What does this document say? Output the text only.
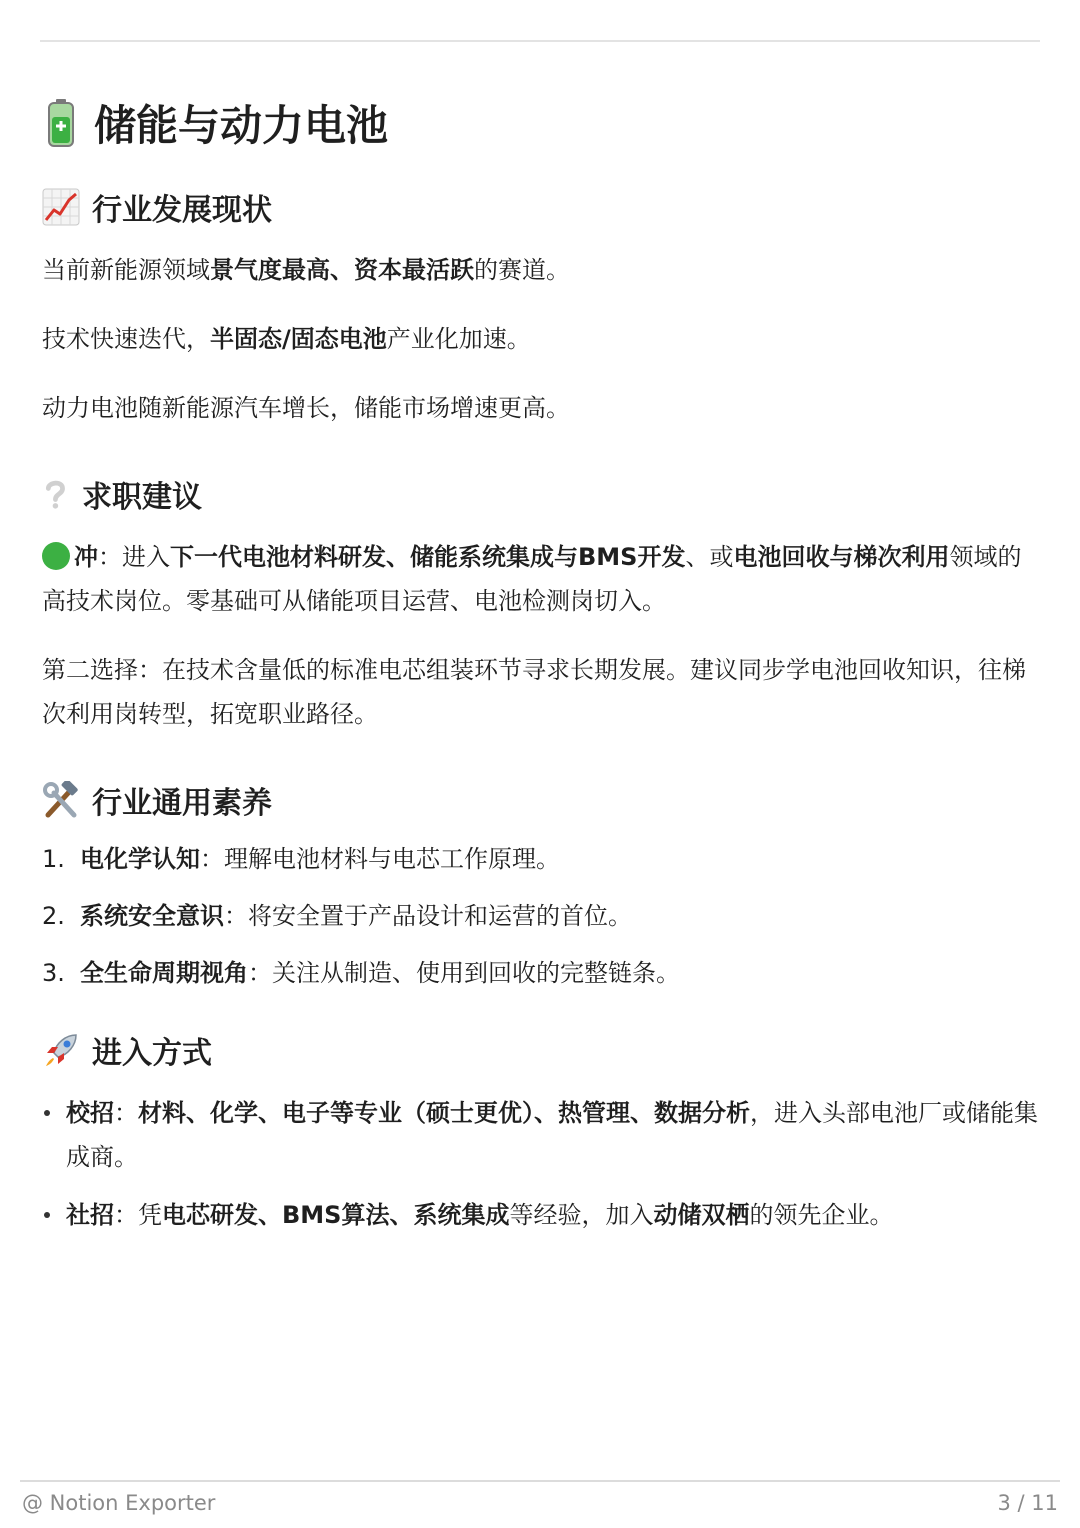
储能与动力电池
行业发展现状

当前新能源领域景气度最高、资本最活跃的赛道。

技术快速迭代，半固态/固态电池产业化加速。

动力电池随新能源汽车增长，储能市场增速更高。

求职建议

冲：进入下一代电池材料研发、储能系统集成与BMS开发、或电池回收与梯次利用领域的高技术岗位。零基础可从储能项目运营、电池检测岗切入。

第二选择：在技术含量低的标准电芯组装环节寻求长期发展。建议同步学电池回收知识，往梯次利用岗转型，拓宽职业路径。

行业通用素养
1. 电化学认知：理解电池材料与电芯工作原理。
2. 系统安全意识：将安全置于产品设计和运营的首位。
3. 全生命周期视角：关注从制造、使用到回收的完整链条。
进入方式
校招：材料、化学、电子等专业（硕士更优）、热管理、数据分析，进入头部电池厂或储能集成商。
社招：凭电芯研发、BMS算法、系统集成等经验，加入动储双栖的领先企业。
@ Notion Exporter	3 / 11
